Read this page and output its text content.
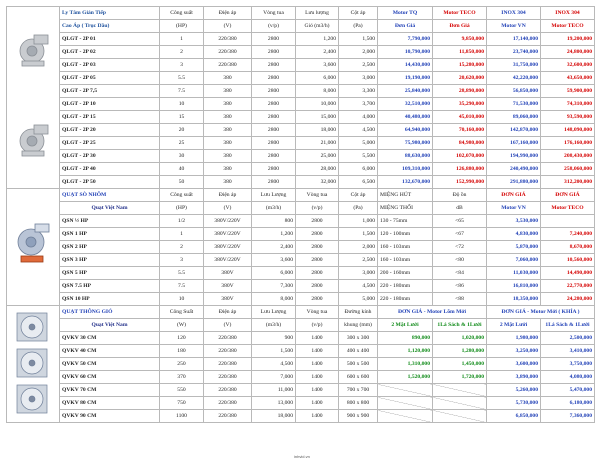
	Ly Tâm Gián Tiếp	Công suất	Điện áp	Vòng tua	Lưu lượng	Cột áp	Motor TQ	Motor TECO	INOX 304	INOX 304
	Cao Áp ( Trục Dầu)	(HP)	(V)	(v/p)	Gió (m3/h)	(Pa)	Đơn Giá	Đơn Giá	Motor VN	Motor TECO
	QLGT - 2P 01	1	220/380	2800	1,200	1,500	7,790,000	9,850,000	17,140,000	19,200,000
	QLGT - 2P 02	2	220/380	2800	2,400	2,000	10,790,000	11,850,000	23,740,000	24,800,000
	QLGT - 2P 03	3	220/380	2800	3,600	2,500	14,430,000	15,280,000	31,750,000	32,600,000
	QLGT - 2P 05	5.5	380	2800	6,000	3,000	19,190,000	20,620,000	42,220,000	43,650,000
	QLGT - 2P 7,5	7.5	380	2800	8,000	3,300	25,840,000	28,890,000	56,850,000	59,900,000
	QLGT - 2P 10	10	380	2800	10,000	3,700	32,510,000	35,290,000	71,530,000	74,310,000
	QLGT - 2P 15	15	380	2800	15,000	4,000	40,480,000	45,010,000	89,060,000	93,590,000
	QLGT - 2P 20	20	380	2800	18,000	4,500	64,940,000	70,160,000	142,870,000	148,090,000
	QLGT - 2P 25	25	380	2800	21,000	5,000	75,980,000	84,980,000	167,160,000	176,160,000
	QLGT - 2P 30	30	380	2800	25,000	5,500	88,630,000	102,070,000	194,990,000	208,430,000
	QLGT - 2P 40	40	380	2800	28,000	6,000	109,310,000	126,880,000	240,490,000	258,060,000
	QLGT - 2P 50	50	380	2800	32,000	6,500	132,670,000	152,990,000	291,880,000	312,200,000

	QUẠT SÒ NHÔM	Công suất	Điện áp	Lưu Lượng	Vòng tua	Cột áp	MIỆNG HÚT	Độ ồn	ĐƠN GIÁ	ĐƠN GIÁ
	Quạt Việt Nam	(HP)	(V)	(m3/h)	(v/p)	(Pa)	MIỆNG THỔI	dB	Motor VN	Motor TECO
	QSN ½ HP	1/2	380V/220V	800	2800	1,000	130 - 75mm	<65	3,530,000	
	QSN 1 HP	1	380V/220V	1,200	2800	1,500	120 - 100mm	<67	4,830,000	7,240,000
	QSN 2 HP	2	380V/220V	2,400	2800	2,000	160 - 103mm	<72	5,870,000	8,670,000
	QSN 3 HP	3	380V/220V	3,600	2800	2,500	160 - 103mm	<80	7,060,000	10,560,000
	QSN 5 HP	5.5	380V	6,000	2800	3,000	200 - 160mm	<84	11,030,000	14,490,000
	QSN 7.5 HP	7.5	380V	7,300	2800	4,500	220 - 180mm	<86	16,810,000	22,770,000
	QSN 10 HP	10	380V	8,000	2800	5,000	220 - 180mm	<88	18,350,000	24,280,000

	QUẠT THÔNG GIÓ	Công Suất	Điện áp	Lưu Lượng	Vòng tua	Đường kính	ĐƠN GIÁ - Motor Lõm Mới		ĐƠN GIÁ - Motor Mới ( KHÍA )	
	Quạt Việt Nam	(W)	(V)	(m3/h)	(v/p)	khung (mm)	2 Mặt Lưới	1Lá Sách & 1Lưới	2 Mặt Lưới	1Lá Sách & 1Lưới
	QVKV 30 CM	120	220/380	900	1400	300 x 300	890,000	1,020,000	1,980,000	2,500,000
	QVKV 40 CM	180	220/380	1,500	1400	400 x 400	1,120,000	1,280,000	3,250,000	3,410,000
	QVKV 50 CM	250	220/380	4,500	1400	500 x 500	1,310,000	1,450,000	3,600,000	3,750,000
	QVKV 60 CM	370	220/380	7,000	1400	600 x 600	1,520,000	1,720,000	3,890,000	4,080,000
	QVKV 70 CM	550	220/380	11,000	1400	700 x 700			5,260,000	5,470,000
	QVKV 80 CM	750	220/380	13,000	1400	800 x 800			5,730,000	6,180,000
	QVKV 90 CM	1100	220/380	18,000	1400	900 x 900			6,850,000	7,360,000
inhvid.vn
